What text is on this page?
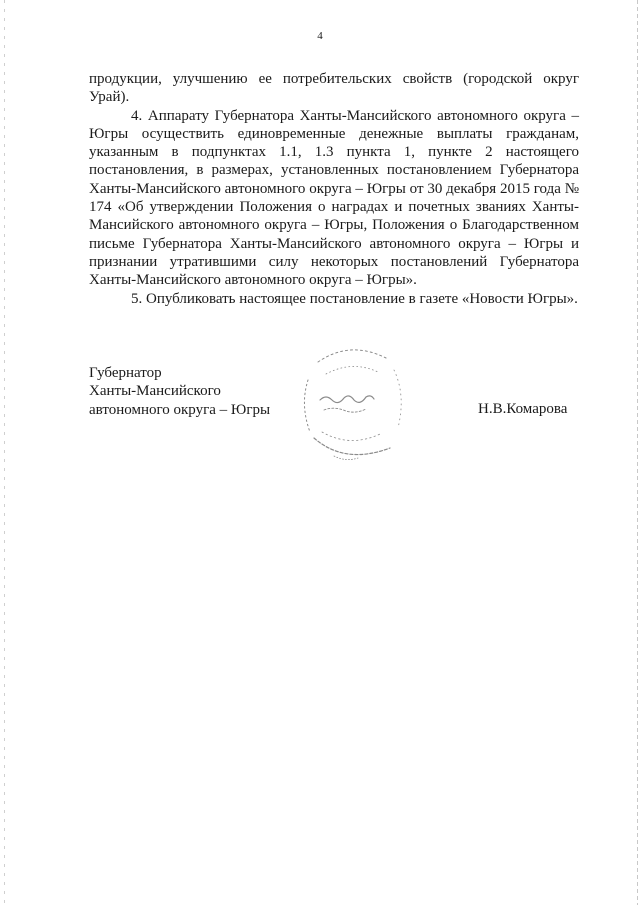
4

продукции, улучшению ее потребительских свойств (городской округ Урай).

4. Аппарату Губернатора Ханты-Мансийского автономного округа – Югры осуществить единовременные денежные выплаты гражданам, указанным в подпунктах 1.1, 1.3 пункта 1, пункте 2 настоящего постановления, в размерах, установленных постановлением Губернатора Ханты-Мансийского автономного округа – Югры от 30 декабря 2015 года № 174 «Об утверждении Положения о наградах и почетных званиях Ханты-Мансийского автономного округа – Югры, Положения о Благодарственном письме Губернатора Ханты-Мансийского автономного округа – Югры и признании утратившими силу некоторых постановлений Губернатора Ханты-Мансийского автономного округа – Югры».

5. Опубликовать настоящее постановление в газете «Новости Югры».

Губернатор
Ханты-Мансийского
автономного округа – Югры	Н.В.Комарова
